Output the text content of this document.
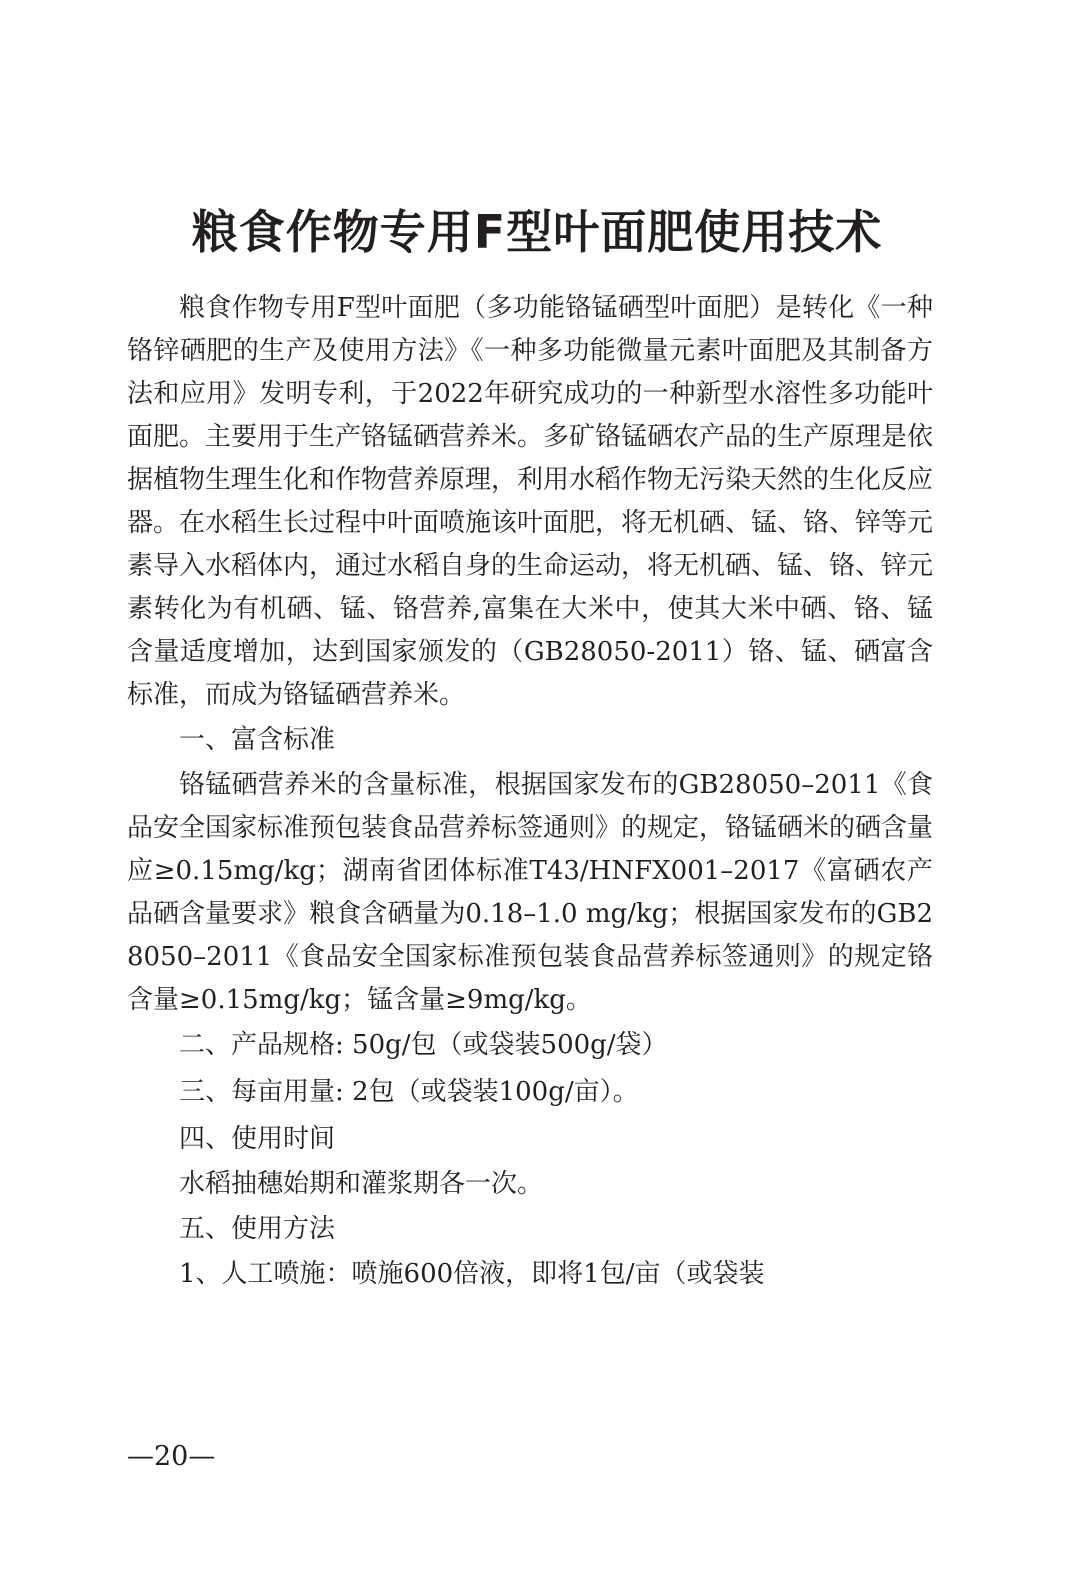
粮食作物专用F型叶面肥使用技术

粮食作物专用F型叶面肥（多功能铬锰硒型叶面肥）是转化《一种铬锌硒肥的生产及使用方法》《一种多功能微量元素叶面肥及其制备方法和应用》发明专利，于2022年研究成功的一种新型水溶性多功能叶面肥。主要用于生产铬锰硒营养米。多矿铬锰硒农产品的生产原理是依据植物生理生化和作物营养原理，利用水稻作物无污染天然的生化反应器。在水稻生长过程中叶面喷施该叶面肥，将无机硒、锰、铬、锌等元素导入水稻体内，通过水稻自身的生命运动，将无机硒、锰、铬、锌元素转化为有机硒、锰、铬营养,富集在大米中，使其大米中硒、铬、锰含量适度增加，达到国家颁发的（GB28050-2011）铬、锰、硒富含标准，而成为铬锰硒营养米。

一、富含标准

铬锰硒营养米的含量标准，根据国家发布的GB28050–2011《食品安全国家标准预包装食品营养标签通则》的规定，铬锰硒米的硒含量应≥0.15mg/kg；湖南省团体标准T43/HNFX001–2017《富硒农产品硒含量要求》粮食含硒量为0.18–1.0 mg/kg；根据国家发布的GB28050–2011《食品安全国家标准预包装食品营养标签通则》的规定铬含量≥0.15mg/kg；锰含量≥9mg/kg。

二、产品规格: 50g/包（或袋装500g/袋）

三、每亩用量: 2包（或袋装100g/亩）。

四、使用时间

水稻抽穗始期和灌浆期各一次。

五、使用方法

1、人工喷施：喷施600倍液，即将1包/亩（或袋装

—20—
